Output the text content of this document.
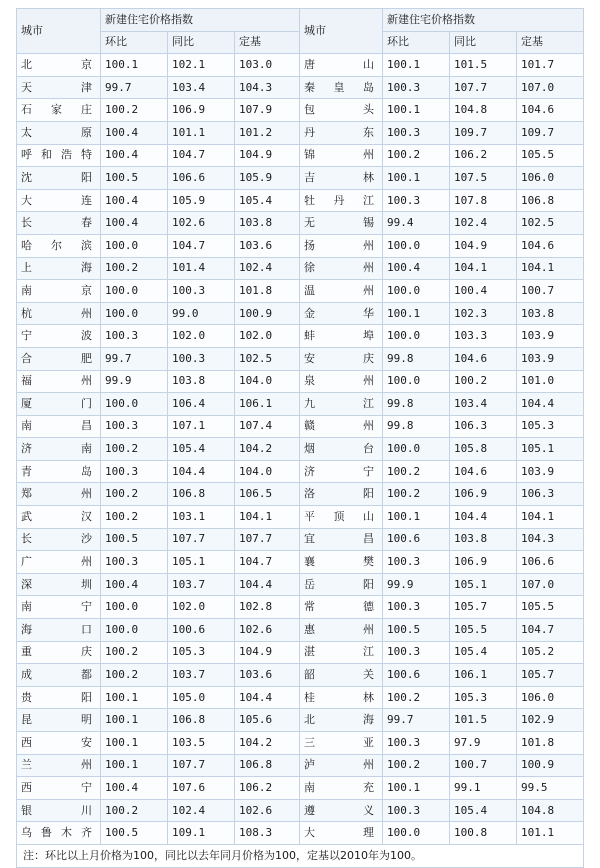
城市	新建住宅价格指数			城市	新建住宅价格指数		
	环比	同比	定基		环比	同比	定基
北　京	100.1	102.1	103.0	唐　山	100.1	101.5	101.7
天　津	99.7	103.4	104.3	秦皇岛	100.3	107.7	107.0
石家庄	100.2	106.9	107.9	包　头	100.1	104.8	104.6
太　原	100.4	101.1	101.2	丹　东	100.3	109.7	109.7
呼和浩特	100.4	104.7	104.9	锦　州	100.2	106.2	105.5
沈　阳	100.5	106.6	105.9	吉　林	100.1	107.5	106.0
大　连	100.4	105.9	105.4	牡丹江	100.3	107.8	106.8
长　春	100.4	102.6	103.8	无　锡	99.4	102.4	102.5
哈尔滨	100.0	104.7	103.6	扬　州	100.0	104.9	104.6
上　海	100.2	101.4	102.4	徐　州	100.4	104.1	104.1
南　京	100.0	100.3	101.8	温　州	100.0	100.4	100.7
杭　州	100.0	99.0	100.9	金　华	100.1	102.3	103.8
宁　波	100.3	102.0	102.0	蚌　埠	100.0	103.3	103.9
合　肥	99.7	100.3	102.5	安　庆	99.8	104.6	103.9
福　州	99.9	103.8	104.0	泉　州	100.0	100.2	101.0
厦　门	100.0	106.4	106.1	九　江	99.8	103.4	104.4
南　昌	100.3	107.1	107.4	赣　州	99.8	106.3	105.3
济　南	100.2	105.4	104.2	烟　台	100.0	105.8	105.1
青　岛	100.3	104.4	104.0	济　宁	100.2	104.6	103.9
郑　州	100.2	106.8	106.5	洛　阳	100.2	106.9	106.3
武　汉	100.2	103.1	104.1	平顶山	100.1	104.4	104.1
长　沙	100.5	107.7	107.7	宜　昌	100.6	103.8	104.3
广　州	100.3	105.1	104.7	襄　樊	100.3	106.9	106.6
深　圳	100.4	103.7	104.4	岳　阳	99.9	105.1	107.0
南　宁	100.0	102.0	102.8	常　德	100.3	105.7	105.5
海　口	100.0	100.6	102.6	惠　州	100.5	105.5	104.7
重　庆	100.2	105.3	104.9	湛　江	100.3	105.4	105.2
成　都	100.2	103.7	103.6	韶　关	100.6	106.1	105.7
贵　阳	100.1	105.0	104.4	桂　林	100.2	105.3	106.0
昆　明	100.1	106.8	105.6	北　海	99.7	101.5	102.9
西　安	100.1	103.5	104.2	三　亚	100.3	97.9	101.8
兰　州	100.1	107.7	106.8	泸　州	100.2	100.7	100.9
西　宁	100.4	107.6	106.2	南　充	100.1	99.1	99.5
银　川	100.2	102.4	102.6	遵　义	100.3	105.4	104.8
乌鲁木齐	100.5	109.1	108.3	大　理	100.0	100.8	101.1
注：环比以上月价格为100，同比以去年同月价格为100，定基以2010年为100。							
